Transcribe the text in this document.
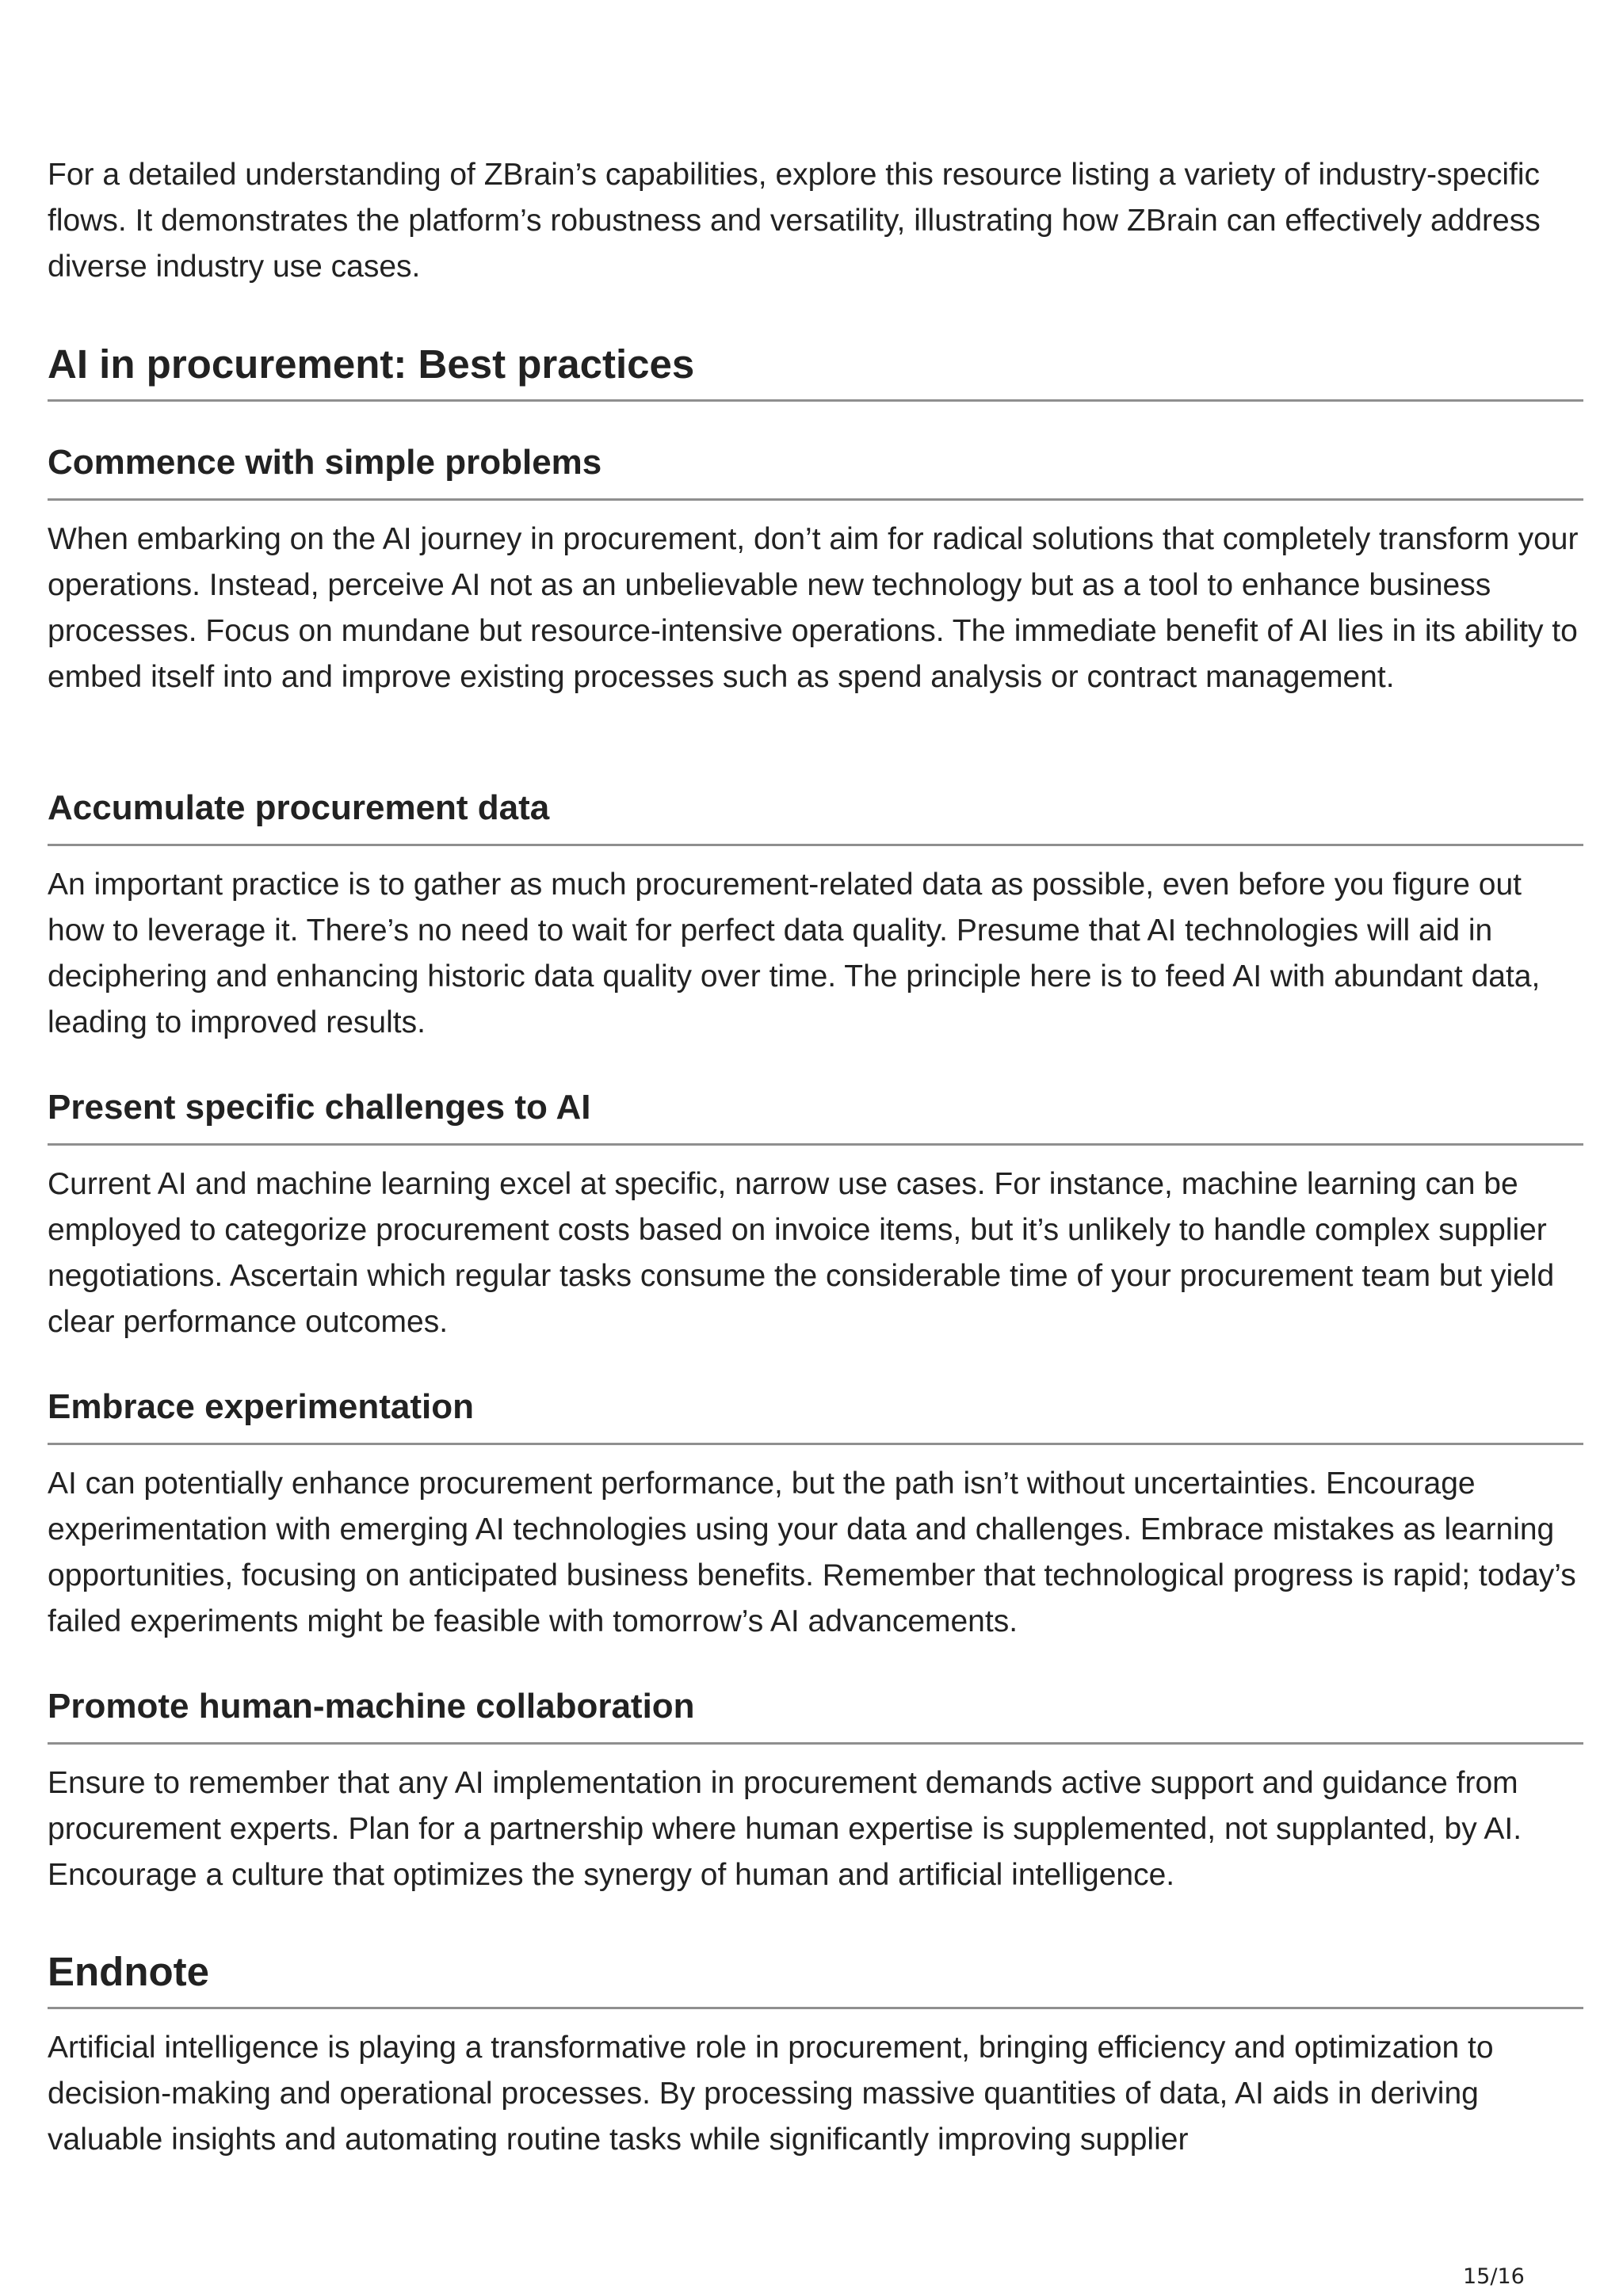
For a detailed understanding of ZBrain’s capabilities, explore this resource listing a variety of industry-specific flows. It demonstrates the platform’s robustness and versatility, illustrating how ZBrain can effectively address diverse industry use cases.

AI in procurement: Best practices
Commence with simple problems

When embarking on the AI journey in procurement, don’t aim for radical solutions that completely transform your operations. Instead, perceive AI not as an unbelievable new technology but as a tool to enhance business processes. Focus on mundane but resource-intensive operations. The immediate benefit of AI lies in its ability to embed itself into and improve existing processes such as spend analysis or contract management.

Accumulate procurement data

An important practice is to gather as much procurement-related data as possible, even before you figure out how to leverage it. There’s no need to wait for perfect data quality. Presume that AI technologies will aid in deciphering and enhancing historic data quality over time. The principle here is to feed AI with abundant data, leading to improved results.

Present specific challenges to AI

Current AI and machine learning excel at specific, narrow use cases. For instance, machine learning can be employed to categorize procurement costs based on invoice items, but it’s unlikely to handle complex supplier negotiations. Ascertain which regular tasks consume the considerable time of your procurement team but yield clear performance outcomes.

Embrace experimentation

AI can potentially enhance procurement performance, but the path isn’t without uncertainties. Encourage experimentation with emerging AI technologies using your data and challenges. Embrace mistakes as learning opportunities, focusing on anticipated business benefits. Remember that technological progress is rapid; today’s failed experiments might be feasible with tomorrow’s AI advancements.

Promote human-machine collaboration

Ensure to remember that any AI implementation in procurement demands active support and guidance from procurement experts. Plan for a partnership where human expertise is supplemented, not supplanted, by AI. Encourage a culture that optimizes the synergy of human and artificial intelligence.

Endnote

Artificial intelligence is playing a transformative role in procurement, bringing efficiency and optimization to decision-making and operational processes. By processing massive quantities of data, AI aids in deriving valuable insights and automating routine tasks while significantly improving supplier

15/16
